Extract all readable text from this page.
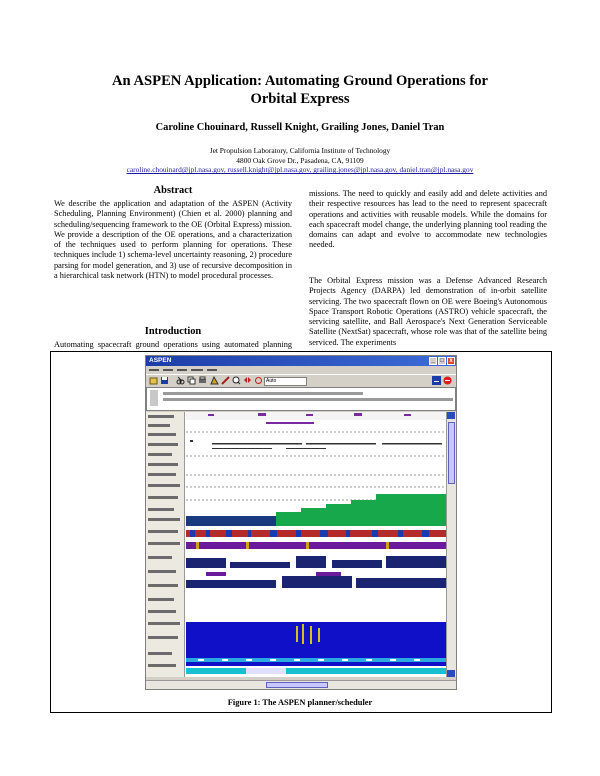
An ASPEN Application: Automating Ground Operations for
Orbital Express
Caroline Chouinard, Russell Knight, Grailing Jones, Daniel Tran
Jet Propulsion Laboratory, California Institute of Technology
4800 Oak Grove Dr., Pasadena, CA, 91109
caroline.chouinard@jpl.nasa.gov, russell.knight@jpl.nasa.gov, grailing.jones@jpl.nasa.gov, daniel.tran@jpl.nasa.gov
Abstract
We describe the application and adaptation of the ASPEN (Activity Scheduling, Planning Environment) (Chien et al. 2000) planning and scheduling/sequencing framework to the OE (Orbital Express) mission. We provide a description of the OE operations, and a characterization of the techniques used to perform planning for operations. These techniques include 1) schema-level uncertainty reasoning, 2) procedure parsing for model generation, and 3) use of recursive decomposition in a hierarchical task network (HTN) to model procedural processes.
Introduction
Automating spacecraft ground operations using automated planning
missions. The need to quickly and easily add and delete activities and their respective resources has lead to the need to represent spacecraft operations and activities with reusable models. While the domains for each spacecraft model change, the underlying planning tool reading the domains can adapt and evolve to accommodate new technologies needed.
The Orbital Express mission was a Defense Advanced Research Projects Agency (DARPA) led demonstration of in-orbit satellite servicing. The two spacecraft flown on OE were Boeing's Autonomous Space Transport Robotic Operations (ASTRO) vehicle spacecraft, the servicing satellite, and Ball Aerospace's Next Generation Serviceable Satellite (NextSat) spacecraft, whose role was that of the satellite being serviced. The experiments
ASPEN	_ □ x
Auto
Figure 1: The ASPEN planner/scheduler
